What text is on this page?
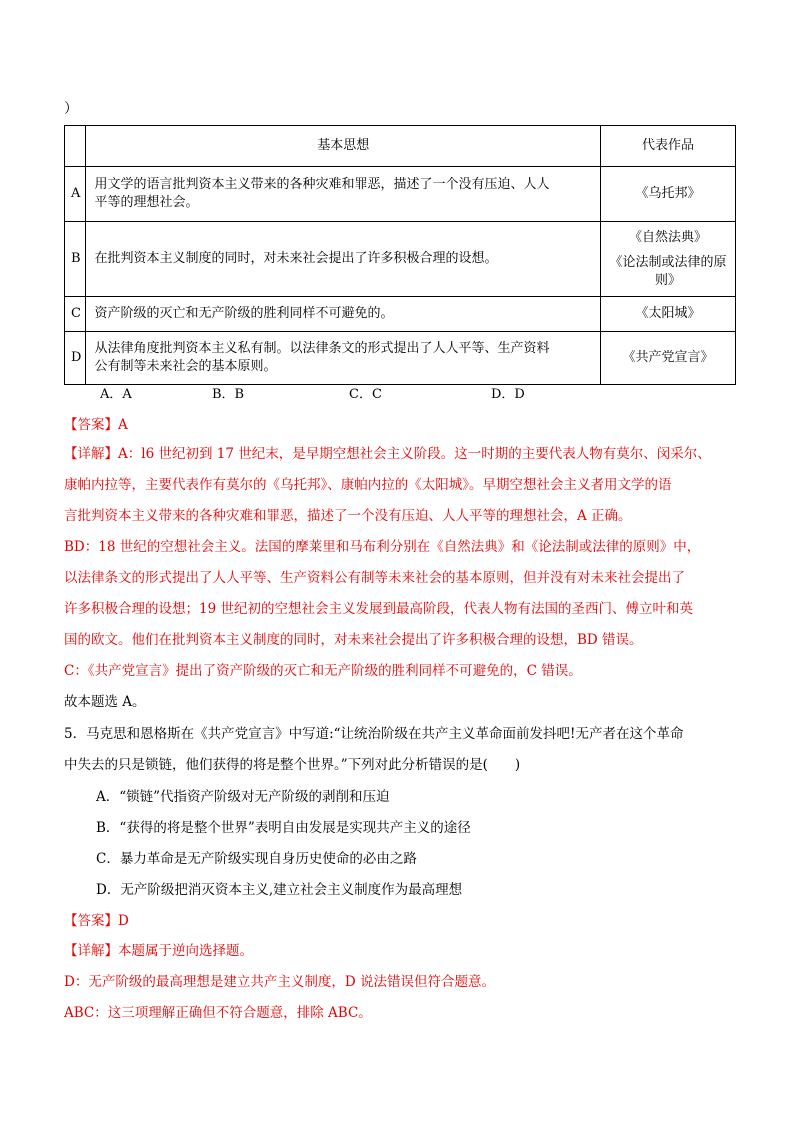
）
	基本思想	代表作品
A	用文学的语言批判资本主义带来的各种灾难和罪恶，描述了一个没有压迫、人人
平等的理想社会。	《乌托邦》

B	在批判资本主义制度的同时，对未来社会提出了许多积极合理的设想。	《自然法典》

《论法制或法律的原则》

C	资产阶级的灭亡和无产阶级的胜利同样不可避免的。	《太阳城》

D	从法律角度批判资本主义私有制。以法律条文的形式提出了人人平等、生产资料
公有制等未来社会的基本原则。	《共产党宣言》

A．A	B．B	C．C	D．D
【答案】A
【详解】A：l6 世纪初到 17 世纪末，是早期空想社会主义阶段。这一时期的主要代表人物有莫尔、闵采尔、
康帕内拉等，主要代表作有莫尔的《乌托邦》、康帕内拉的《太阳城》。早期空想社会主义者用文学的语
言批判资本主义带来的各种灾难和罪恶，描述了一个没有压迫、人人平等的理想社会，A 正确。
BD：18 世纪的空想社会主义。法国的摩莱里和马布利分别在《自然法典》和《论法制或法律的原则》中，
以法律条文的形式提出了人人平等、生产资料公有制等未来社会的基本原则，但并没有对未来社会提出了
许多积极合理的设想；19 世纪初的空想社会主义发展到最高阶段，代表人物有法国的圣西门、傅立叶和英
国的欧文。他们在批判资本主义制度的同时，对未来社会提出了许多积极合理的设想，BD 错误。
C：《共产党宣言》提出了资产阶级的灭亡和无产阶级的胜利同样不可避免的，C 错误。
故本题选 A。
5．马克思和恩格斯在《共产党宣言》中写道:“让统治阶级在共产主义革命面前发抖吧!无产者在这个革命
中失去的只是锁链，他们获得的将是整个世界。”下列对此分析错误的是(　　)
A．“锁链”代指资产阶级对无产阶级的剥削和压迫
B．“获得的将是整个世界”表明自由发展是实现共产主义的途径
C．暴力革命是无产阶级实现自身历史使命的必由之路
D．无产阶级把消灭资本主义,建立社会主义制度作为最高理想
【答案】D
【详解】本题属于逆向选择题。
D：无产阶级的最高理想是建立共产主义制度，D 说法错误但符合题意。
ABC：这三项理解正确但不符合题意，排除 ABC。
